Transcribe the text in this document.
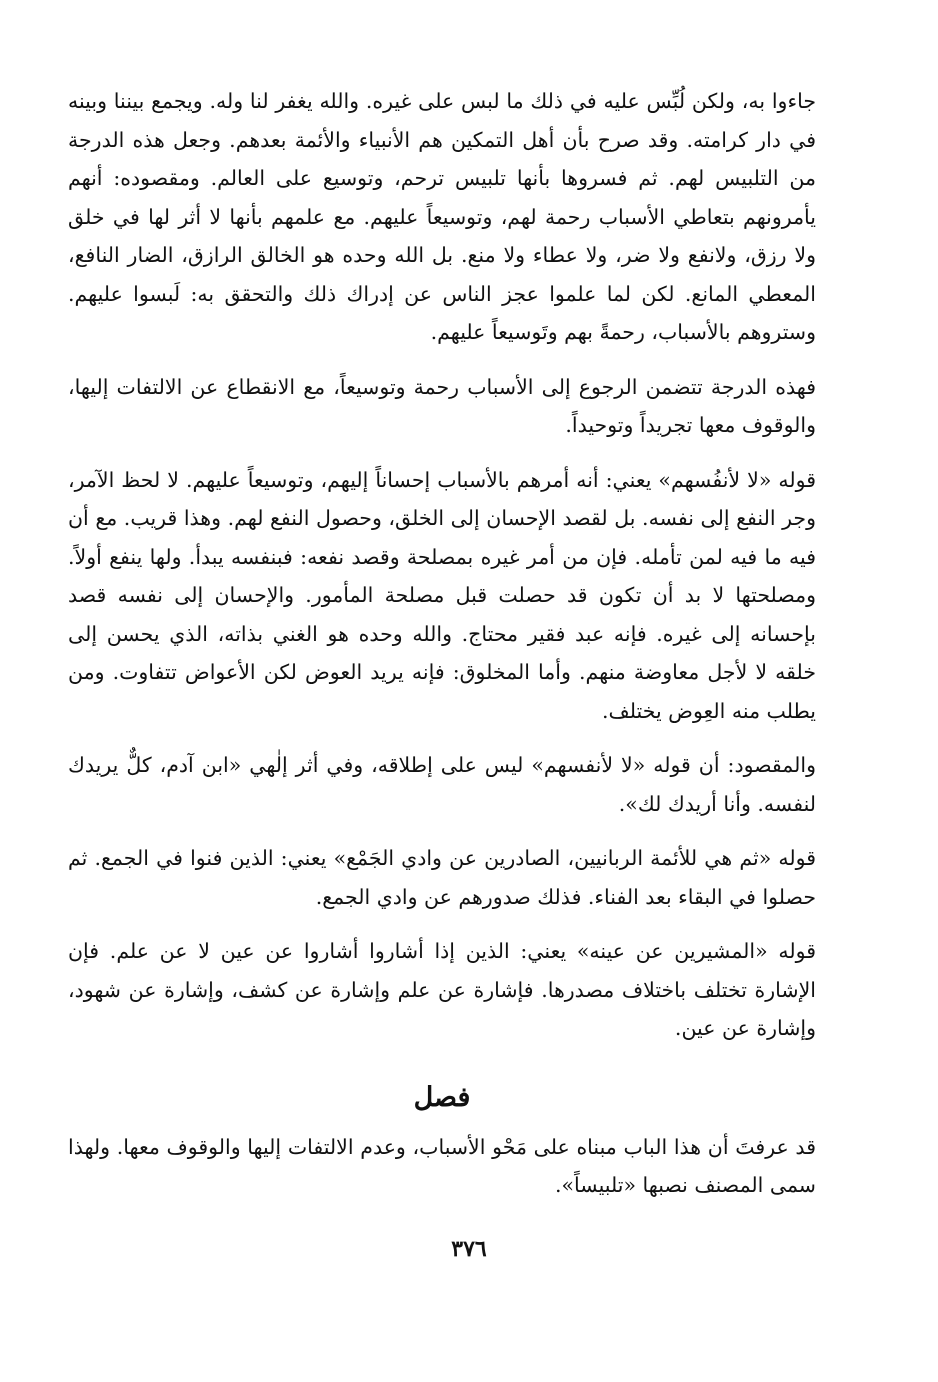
جاءوا به، ولكن لُبِّس عليه في ذلك ما لبس على غيره. والله يغفر لنا وله. ويجمع بيننا وبينه في دار كرامته. وقد صرح بأن أهل التمكين هم الأنبياء والأئمة بعدهم. وجعل هذه الدرجة من التلبيس لهم. ثم فسروها بأنها تلبيس ترحم، وتوسيع على العالم. ومقصوده: أنهم يأمرونهم بتعاطي الأسباب رحمة لهم، وتوسيعاً عليهم. مع علمهم بأنها لا أثر لها في خلق ولا رزق، ولانفع ولا ضر، ولا عطاء ولا منع. بل الله وحده هو الخالق الرازق، الضار النافع، المعطي المانع. لكن لما علموا عجز الناس عن إدراك ذلك والتحقق به: لَبسوا عليهم. وستروهم بالأسباب، رحمةً بهم وتَوسيعاً عليهم.

فهذه الدرجة تتضمن الرجوع إلى الأسباب رحمة وتوسيعاً، مع الانقطاع عن الالتفات إليها، والوقوف معها تجريداً وتوحيداً.

قوله «لا لأنفُسهم» يعني: أنه أمرهم بالأسباب إحساناً إليهم، وتوسيعاً عليهم. لا لحظ الآمر، وجر النفع إلى نفسه. بل لقصد الإحسان إلى الخلق، وحصول النفع لهم. وهذا قريب. مع أن فيه ما فيه لمن تأمله. فإن من أمر غيره بمصلحة وقصد نفعه: فبنفسه يبدأ. ولها ينفع أولاً. ومصلحتها لا بد أن تكون قد حصلت قبل مصلحة المأمور. والإحسان إلى نفسه قصد بإحسانه إلى غيره. فإنه عبد فقير محتاج. والله وحده هو الغني بذاته، الذي يحسن إلى خلقه لا لأجل معاوضة منهم. وأما المخلوق: فإنه يريد العوض لكن الأعواض تتفاوت. ومن يطلب منه العِوض يختلف.

والمقصود: أن قوله «لا لأنفسهم» ليس على إطلاقه، وفي أثر إلٰهي «ابن آدم، كلٌّ يريدك لنفسه. وأنا أريدك لك».

قوله «ثم هي للأئمة الربانيين، الصادرين عن وادي الجَمْع» يعني: الذين فنوا في الجمع. ثم حصلوا في البقاء بعد الفناء. فذلك صدورهم عن وادي الجمع.

قوله «المشيرين عن عينه» يعني: الذين إذا أشاروا أشاروا عن عين لا عن علم. فإن الإشارة تختلف باختلاف مصدرها. فإشارة عن علم وإشارة عن كشف، وإشارة عن شهود، وإشارة عن عين.

فصل

قد عرفتَ أن هذا الباب مبناه على مَحْو الأسباب، وعدم الالتفات إليها والوقوف معها. ولهذا سمى المصنف نصبها «تلبيساً».

٣٧٦
